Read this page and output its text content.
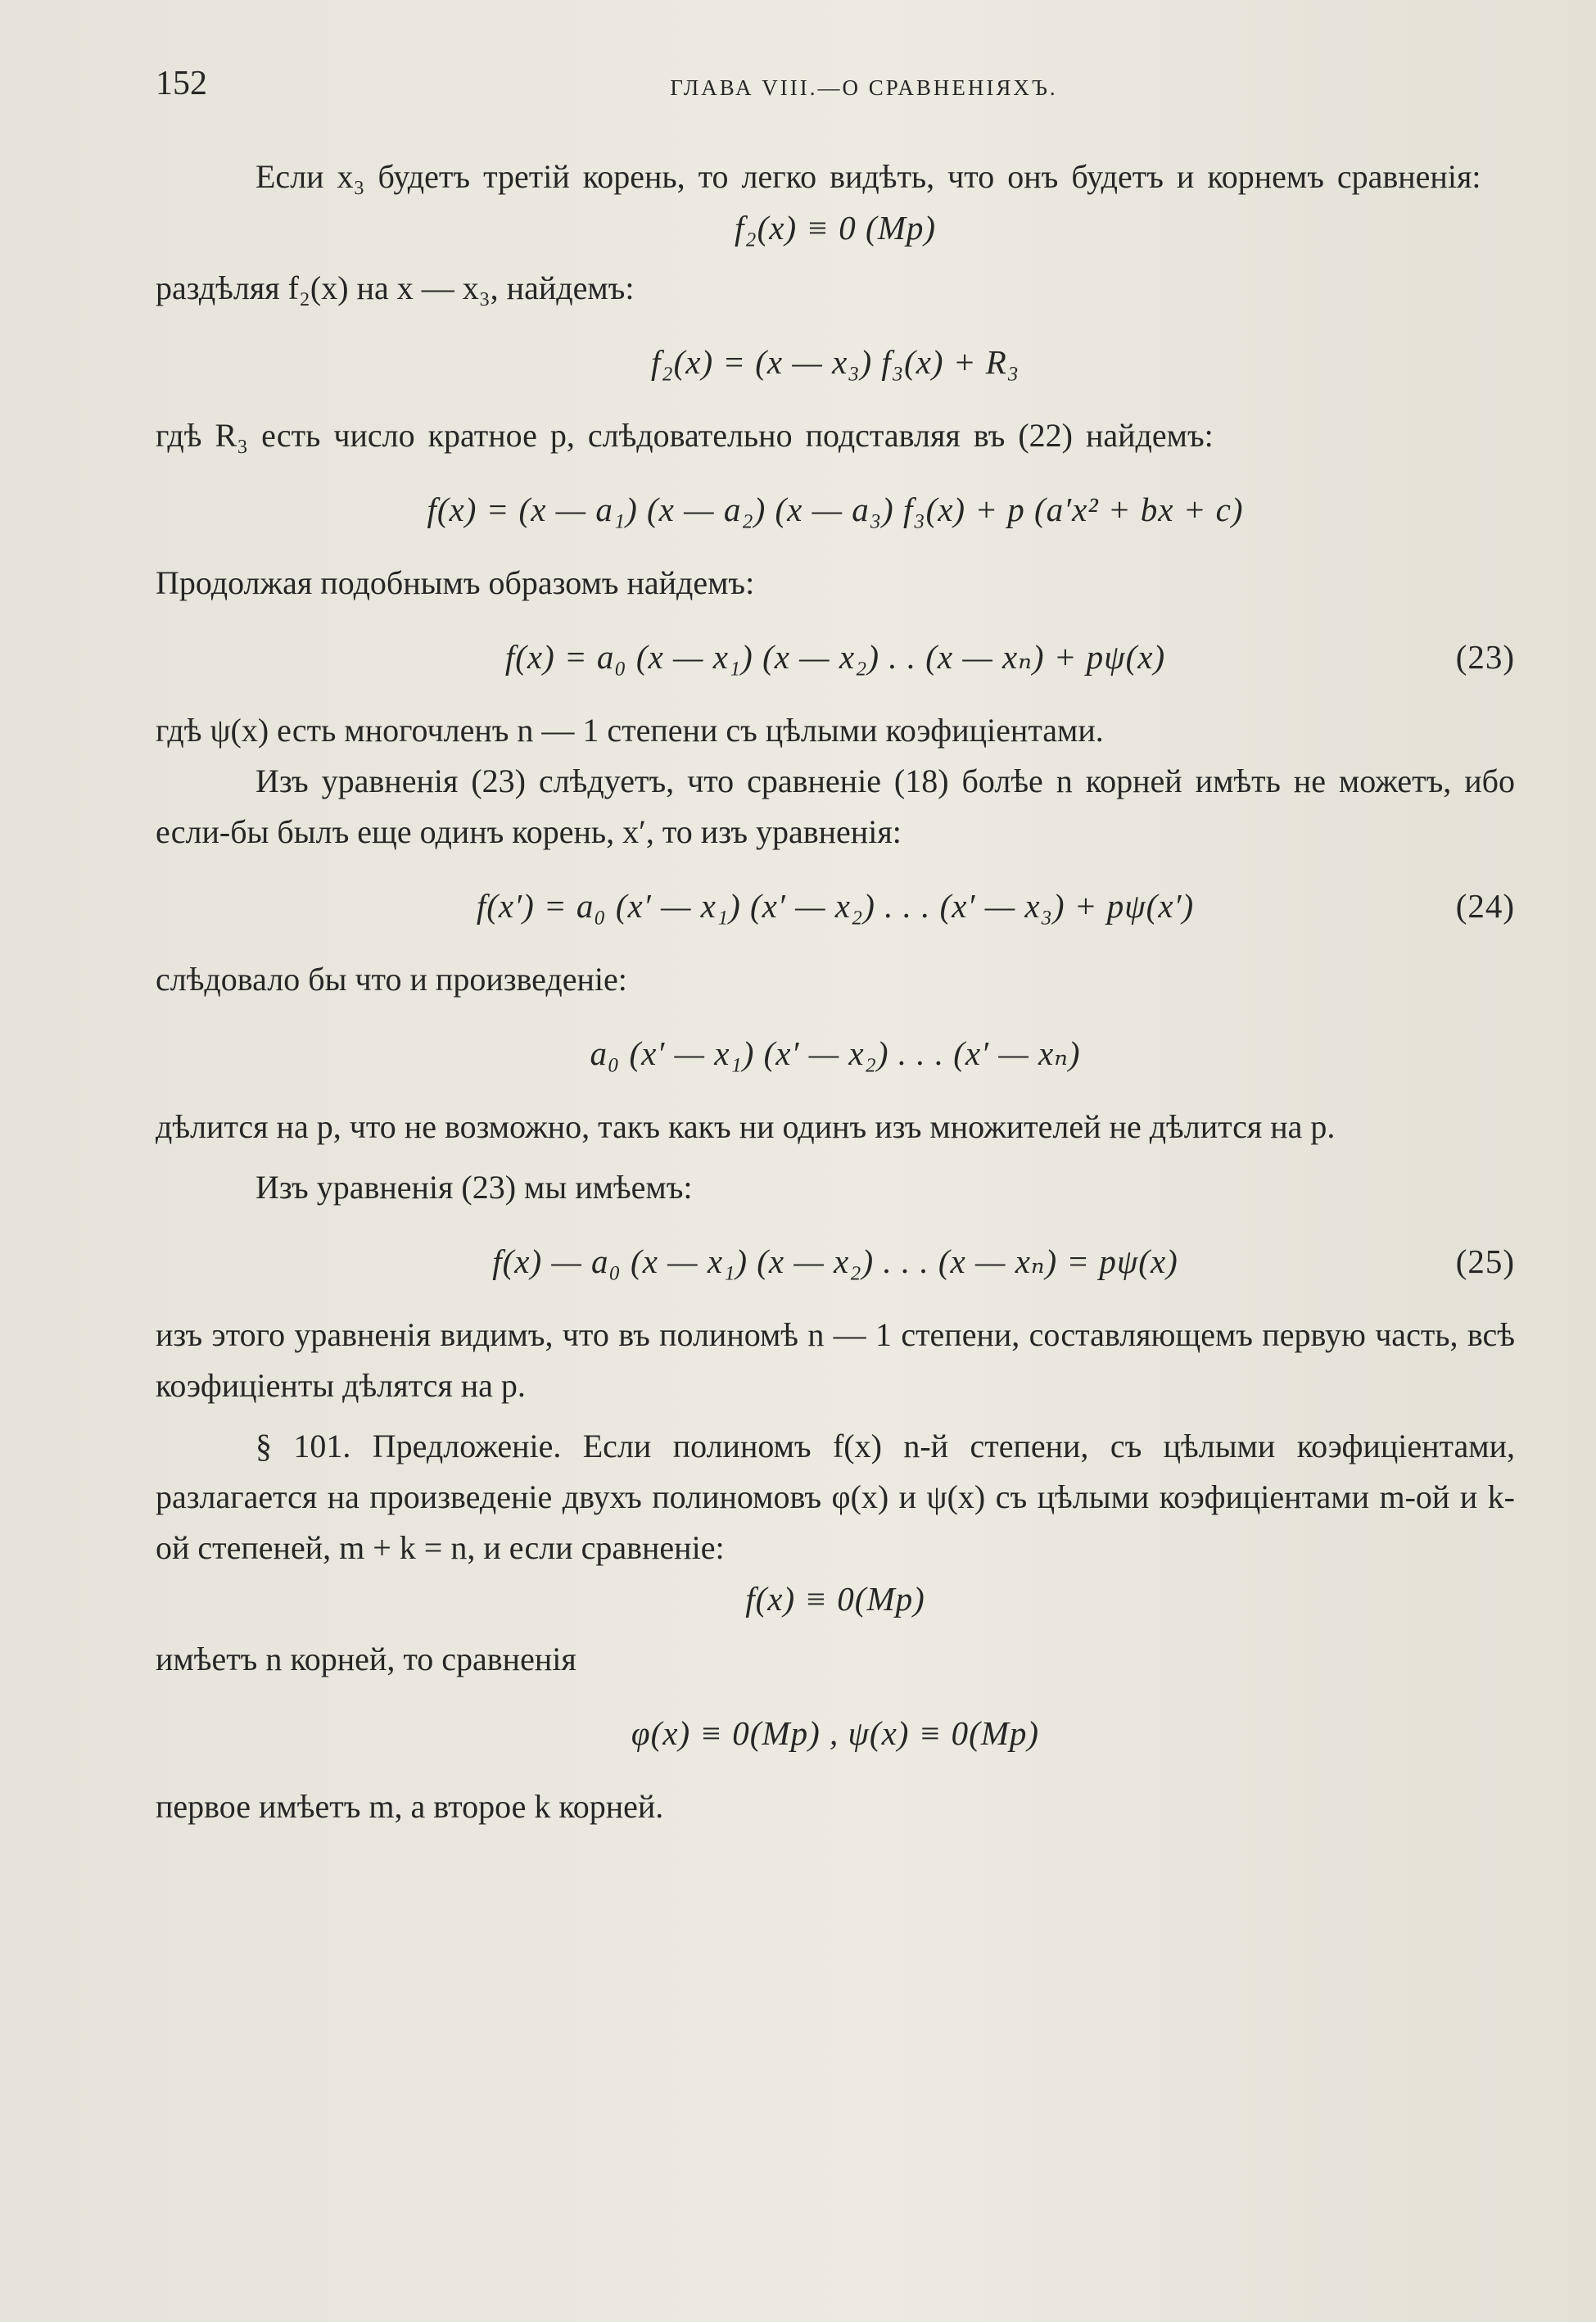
152	ГЛАВА VIII.—О СРАВНЕНІЯХЪ.

Если x₃ будетъ третій корень, то легко видѣть, что онъ будетъ и корнемъ сравненія:

f₂(x) ≡ 0 (Mp)

раздѣляя f₂(x) на x — x₃, найдемъ:

f₂(x) = (x — x₃) f₃(x) + R₃

гдѣ R₃ есть число кратное p, слѣдовательно подставляя въ (22) найдемъ:

f(x) = (x — a₁) (x — a₂) (x — a₃) f₃(x) + p (a′x² + bx + c)

Продолжая подобнымъ образомъ найдемъ:

f(x) = a₀ (x — x₁) (x — x₂) . . (x — xₙ) + pψ(x)	(23)

гдѣ ψ(x) есть многочленъ n — 1 степени съ цѣлыми коэфиціентами.

Изъ уравненія (23) слѣдуетъ, что сравненіе (18) болѣе n корней имѣть не можетъ, ибо если-бы былъ еще одинъ корень, x′, то изъ уравненія:

f(x′) = a₀ (x′ — x₁) (x′ — x₂) . . . (x′ — x₃) + pψ(x′)	(24)

слѣдовало бы что и произведеніе:

a₀ (x′ — x₁) (x′ — x₂) . . . (x′ — xₙ)

дѣлится на p, что не возможно, такъ какъ ни одинъ изъ множителей не дѣлится на p.

Изъ уравненія (23) мы имѣемъ:

f(x) — a₀ (x — x₁) (x — x₂) . . . (x — xₙ) = pψ(x)	(25)

изъ этого уравненія видимъ, что въ полиномѣ n — 1 степени, составляющемъ первую часть, всѣ коэфиціенты дѣлятся на p.

§ 101. Предложеніе. Если полиномъ f(x) n-й степени, съ цѣлыми коэфиціентами, разлагается на произведеніе двухъ полиномовъ φ(x) и ψ(x) съ цѣлыми коэфиціентами m-ой и k-ой степеней, m + k = n, и если сравненіе:

f(x) ≡ 0(Mp)

имѣетъ n корней, то сравненія

φ(x) ≡ 0(Mp) , ψ(x) ≡ 0(Mp)

первое имѣетъ m, а второе k корней.
